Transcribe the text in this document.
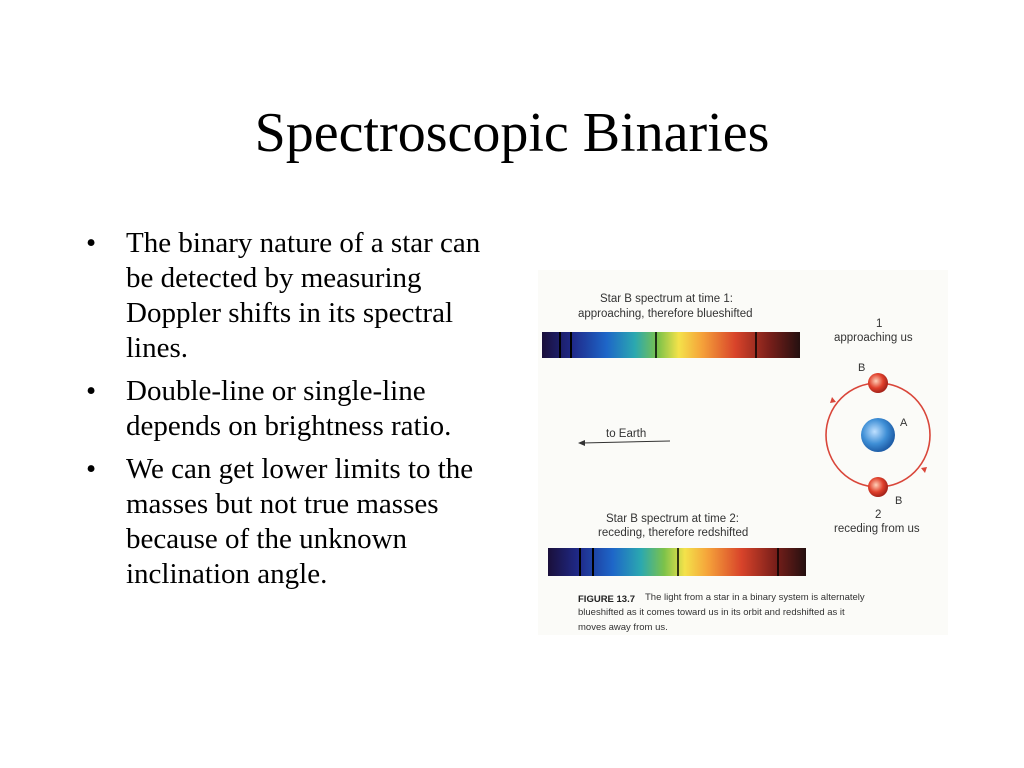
Spectroscopic Binaries
•	The binary nature of a star can be detected by measuring Doppler shifts in its spectral lines.
•	Double-line or single-line depends on brightness ratio.
•	We can get lower limits to the masses but not true masses because of the unknown inclination angle.
Star B spectrum at time 1:
approaching, therefore blueshifted
1
approaching us
B
A
B
to Earth
2
receding from us
Star B spectrum at time 2:
receding, therefore redshifted
FIGURE 13.7 The light from a star in a binary system is alternately
blueshifted as it comes toward us in its orbit and redshifted as it
moves away from us.
